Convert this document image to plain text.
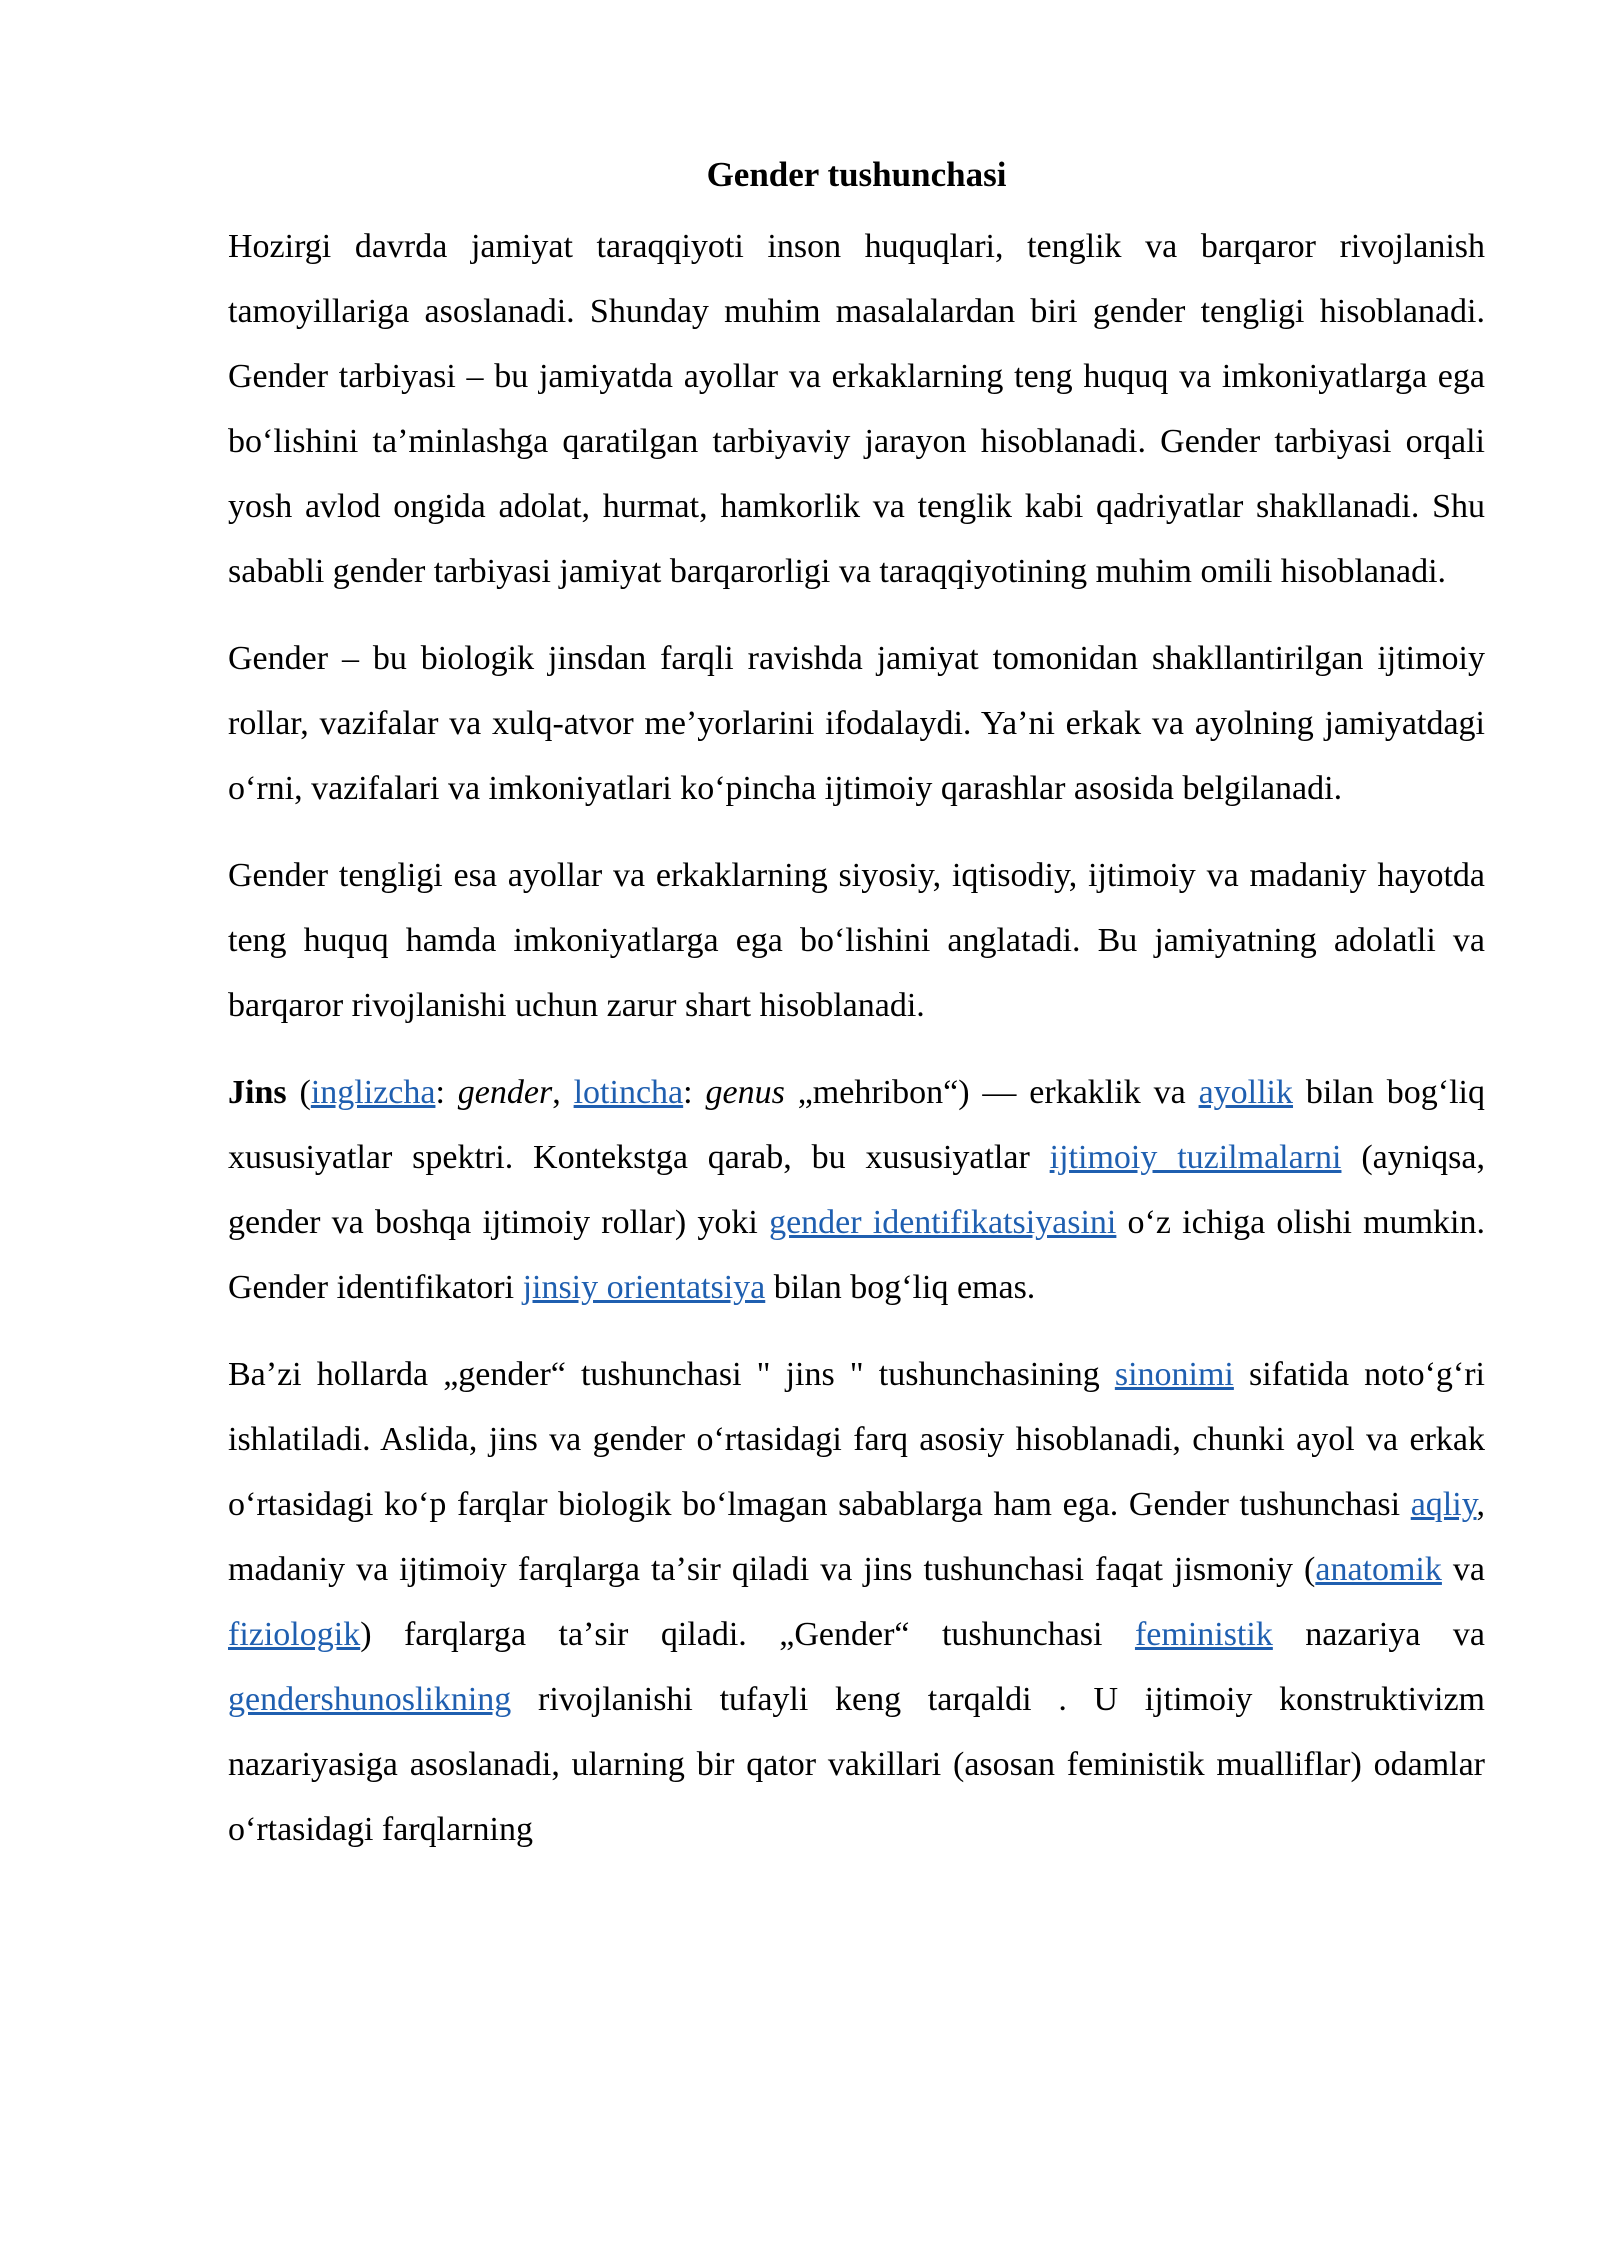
Gender tushunchasi

Hozirgi davrda jamiyat taraqqiyoti inson huquqlari, tenglik va barqaror rivojlanish tamoyillariga asoslanadi. Shunday muhim masalalardan biri gender tengligi hisoblanadi. Gender tarbiyasi – bu jamiyatda ayollar va erkaklarning teng huquq va imkoniyatlarga ega boʻlishini taʼminlashga qaratilgan tarbiyaviy jarayon hisoblanadi. Gender tarbiyasi orqali yosh avlod ongida adolat, hurmat, hamkorlik va tenglik kabi qadriyatlar shakllanadi. Shu sababli gender tarbiyasi jamiyat barqarorligi va taraqqiyotining muhim omili hisoblanadi.

Gender – bu biologik jinsdan farqli ravishda jamiyat tomonidan shakllantirilgan ijtimoiy rollar, vazifalar va xulq-atvor meʼyorlarini ifodalaydi. Yaʼni erkak va ayolning jamiyatdagi oʻrni, vazifalari va imkoniyatlari koʻpincha ijtimoiy qarashlar asosida belgilanadi.

Gender tengligi esa ayollar va erkaklarning siyosiy, iqtisodiy, ijtimoiy va madaniy hayotda teng huquq hamda imkoniyatlarga ega boʻlishini anglatadi. Bu jamiyatning adolatli va barqaror rivojlanishi uchun zarur shart hisoblanadi.

Jins (inglizcha: gender, lotincha: genus „mehribon“) — erkaklik va ayollik bilan bogʻliq xususiyatlar spektri. Kontekstga qarab, bu xususiyatlar ijtimoiy tuzilmalarni (ayniqsa, gender va boshqa ijtimoiy rollar) yoki gender identifikatsiyasini oʻz ichiga olishi mumkin. Gender identifikatori jinsiy orientatsiya bilan bogʻliq emas.

Baʼzi hollarda „gender“ tushunchasi " jins " tushunchasining sinonimi sifatida notoʻgʻri ishlatiladi. Aslida, jins va gender oʻrtasidagi farq asosiy hisoblanadi, chunki ayol va erkak oʻrtasidagi koʻp farqlar biologik boʻlmagan sabablarga ham ega. Gender tushunchasi aqliy, madaniy va ijtimoiy farqlarga taʼsir qiladi va jins tushunchasi faqat jismoniy (anatomik va fiziologik) farqlarga taʼsir qiladi. „Gender“ tushunchasi feministik nazariya va gendershunoslikning rivojlanishi tufayli keng tarqaldi . U ijtimoiy konstruktivizm nazariyasiga asoslanadi, ularning bir qator vakillari (asosan feministik mualliflar) odamlar oʻrtasidagi farqlarning
